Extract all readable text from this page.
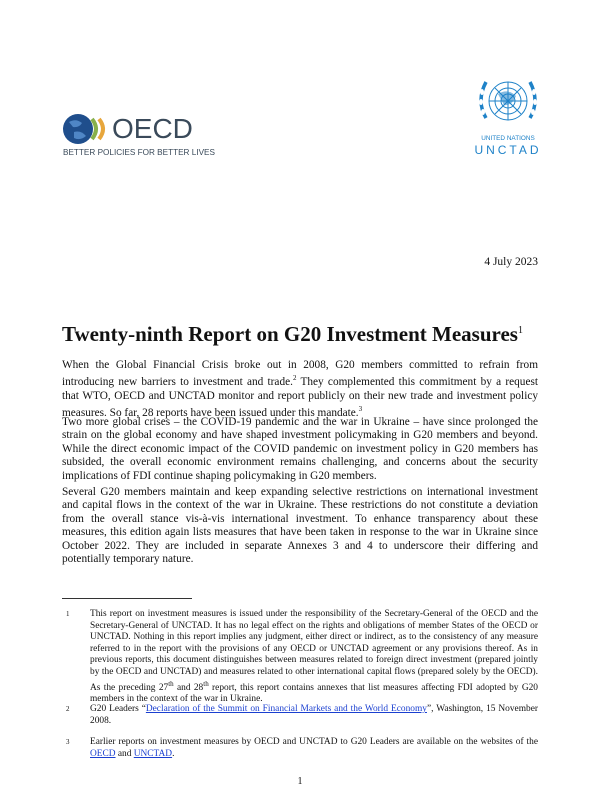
OECD
BETTER POLICIES FOR BETTER LIVES
UNITED NATIONS
UNCTAD
4 July 2023
Twenty-ninth Report on G20 Investment Measures$^1$

When the Global Financial Crisis broke out in 2008, G20 members committed to refrain from introducing new barriers to investment and trade.$^2$ They complemented this commitment by a request that WTO, OECD and UNCTAD monitor and report publicly on their new trade and investment policy measures. So far, 28 reports have been issued under this mandate.$^3$

Two more global crises – the COVID-19 pandemic and the war in Ukraine – have since prolonged the strain on the global economy and have shaped investment policymaking in G20 members and beyond. While the direct economic impact of the COVID pandemic on investment policy in G20 members has subsided, the overall economic environment remains challenging, and concerns about the security implications of FDI continue shaping policymaking in G20 members.

Several G20 members maintain and keep expanding selective restrictions on international investment and capital flows in the context of the war in Ukraine. These restrictions do not constitute a deviation from the overall stance vis-à-vis international investment. To enhance transparency about these measures, this edition again lists measures that have been taken in response to the war in Ukraine since October 2022. They are included in separate Annexes 3 and 4 to underscore their differing and potentially temporary nature.

1 This report on investment measures is issued under the responsibility of the Secretary-General of the OECD and the Secretary-General of UNCTAD. It has no legal effect on the rights and obligations of member States of the OECD or UNCTAD. Nothing in this report implies any judgment, either direct or indirect, as to the consistency of any measure referred to in the report with the provisions of any OECD or UNCTAD agreement or any provisions thereof. As in previous reports, this document distinguishes between measures related to foreign direct investment (prepared jointly by the OECD and UNCTAD) and measures related to other international capital flows (prepared solely by the OECD). As the preceding 27th and 28th report, this report contains annexes that list measures affecting FDI adopted by G20 members in the context of the war in Ukraine.
2 G20 Leaders “Declaration of the Summit on Financial Markets and the World Economy”, Washington, 15 November 2008.
3 Earlier reports on investment measures by OECD and UNCTAD to G20 Leaders are available on the websites of the OECD and UNCTAD.
1
